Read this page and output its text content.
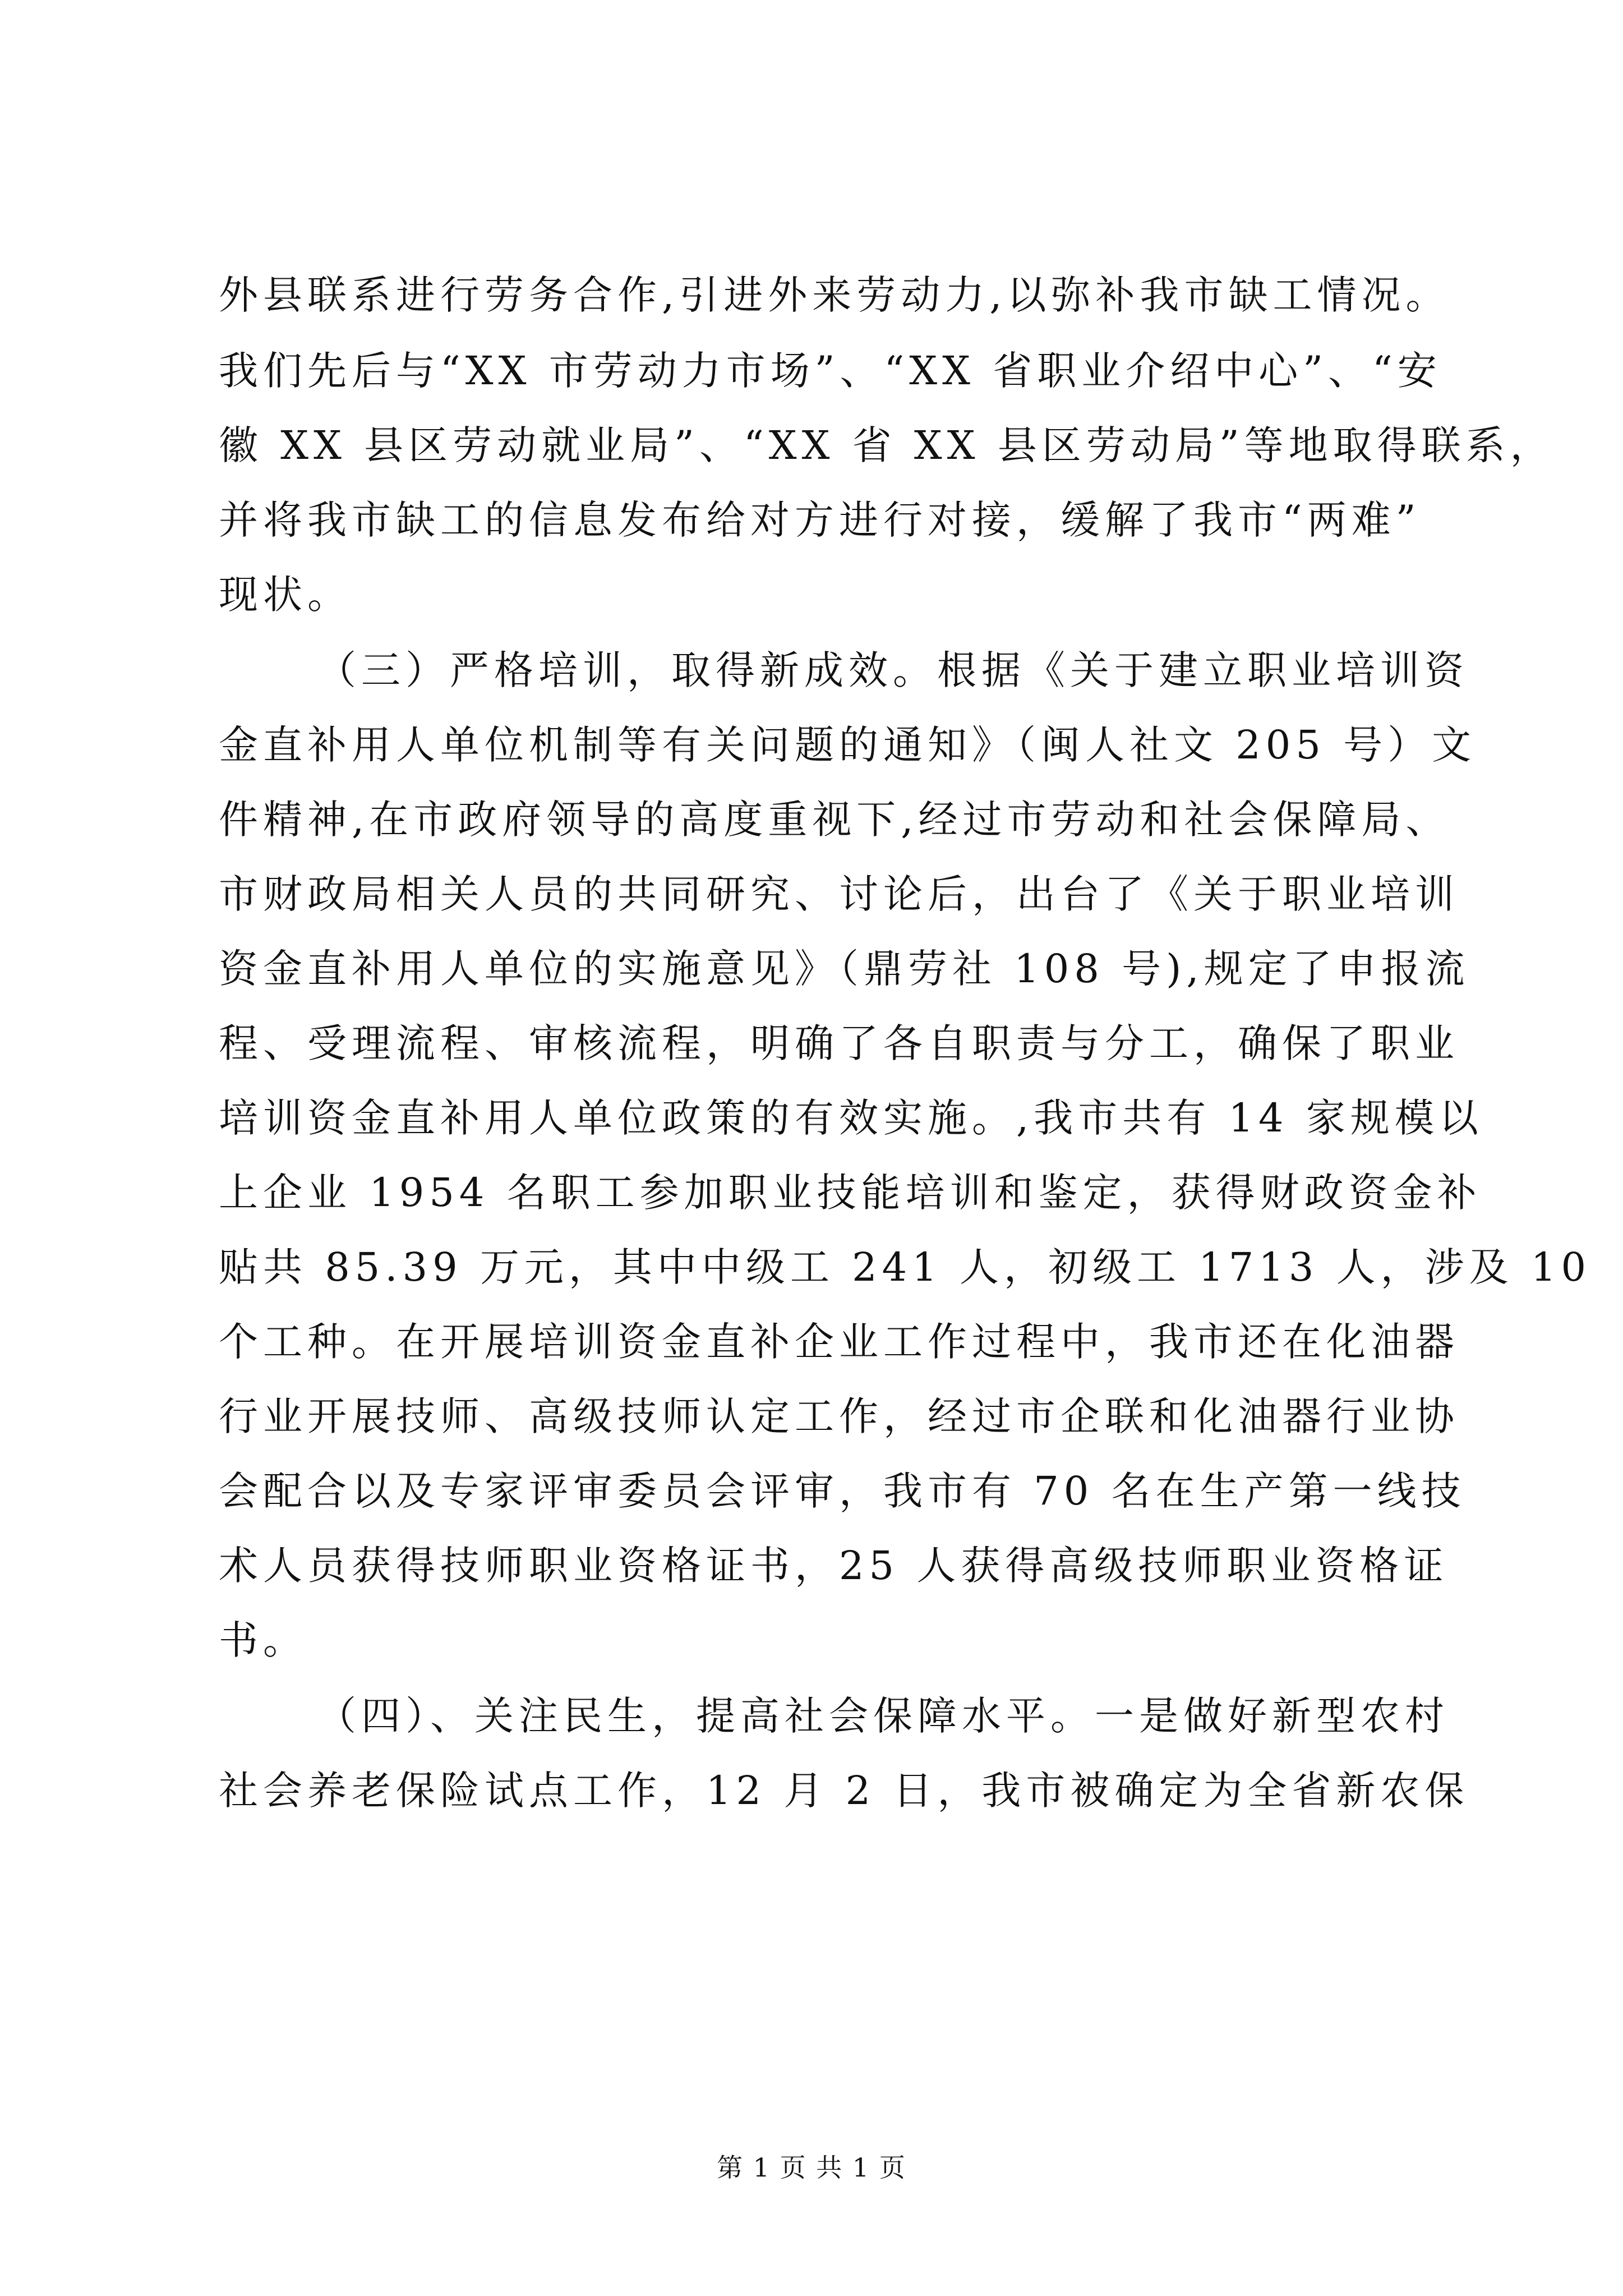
外县联系进行劳务合作,引进外来劳动力,以弥补我市缺工情况。
我们先后与“XX 市劳动力市场”、“XX 省职业介绍中心”、“安
徽 XX 县区劳动就业局”、“XX 省 XX 县区劳动局”等地取得联系，
并将我市缺工的信息发布给对方进行对接，缓解了我市“两难”
现状。
（三）严格培训，取得新成效。根据《关于建立职业培训资
金直补用人单位机制等有关问题的通知》（闽人社文 205 号）文
件精神,在市政府领导的高度重视下,经过市劳动和社会保障局、
市财政局相关人员的共同研究、讨论后，出台了《关于职业培训
资金直补用人单位的实施意见》（鼎劳社 108 号),规定了申报流
程、受理流程、审核流程，明确了各自职责与分工，确保了职业
培训资金直补用人单位政策的有效实施。,我市共有 14 家规模以
上企业 1954 名职工参加职业技能培训和鉴定，获得财政资金补
贴共 85.39 万元，其中中级工 241 人，初级工 1713 人，涉及 10
个工种。在开展培训资金直补企业工作过程中，我市还在化油器
行业开展技师、高级技师认定工作，经过市企联和化油器行业协
会配合以及专家评审委员会评审，我市有 70 名在生产第一线技
术人员获得技师职业资格证书，25 人获得高级技师职业资格证
书。
（四）、关注民生，提高社会保障水平。一是做好新型农村
社会养老保险试点工作，12 月 2 日，我市被确定为全省新农保
第 1 页 共 1 页
